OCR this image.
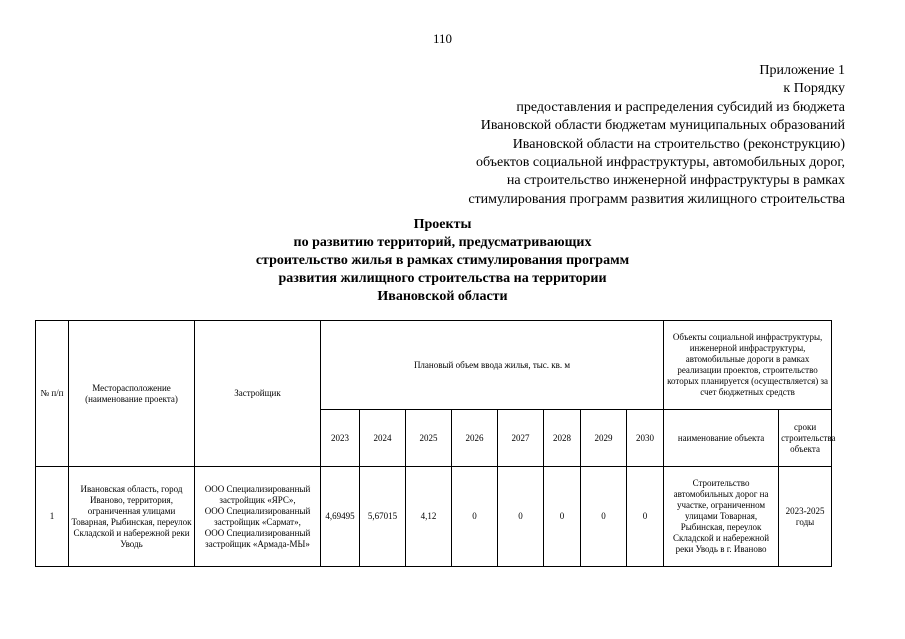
110
Приложение 1
к Порядку
предоставления и распределения субсидий из бюджета
Ивановской области бюджетам муниципальных образований
Ивановской области на строительство (реконструкцию)
объектов социальной инфраструктуры, автомобильных дорог,
на строительство инженерной инфраструктуры в рамках
стимулирования программ развития жилищного строительства
Проекты
по развитию территорий, предусматривающих
строительство жилья в рамках стимулирования программ
развития жилищного строительства на территории
Ивановской области
№ п/п	Месторасположение (наименование проекта)	Застройщик	Плановый объем ввода жилья, тыс. кв. м								Объекты социальной инфраструктуры, инженерной инфраструктуры, автомобильные дороги в рамках реализации проектов, строительство которых планируется (осуществляется) за счет бюджетных средств	
			2023	2024	2025	2026	2027	2028	2029	2030	наименование объекта	сроки строительства объекта
1	Ивановская область, город Иваново, территория, ограниченная улицами Товарная, Рыбинская, переулок Складской и набережной реки Уводь	ООО Специализированный застройщик «ЯРС»,
ООО Специализированный застройщик «Сармат»,
ООО Специализированный застройщик «Армада-МЫ»	4,69495	5,67015	4,12	0	0	0	0	0	Строительство автомобильных дорог на участке, ограниченном улицами Товарная, Рыбинская, переулок Складской и набережной реки Уводь в г. Иваново	2023-2025 годы
